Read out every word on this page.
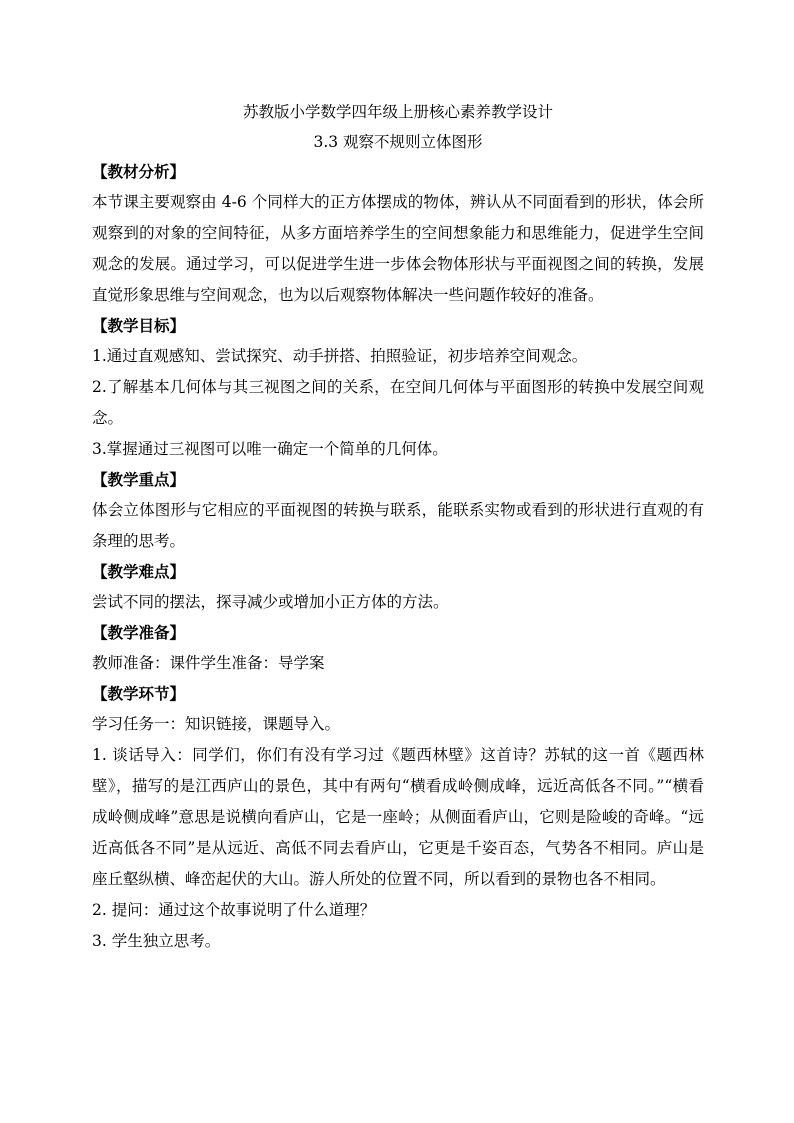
苏教版小学数学四年级上册核心素养教学设计

3.3 观察不规则立体图形

【教材分析】

本节课主要观察由 4-6 个同样大的正方体摆成的物体，辨认从不同面看到的形状，体会所观察到的对象的空间特征，从多方面培养学生的空间想象能力和思维能力，促进学生空间观念的发展。通过学习，可以促进学生进一步体会物体形状与平面视图之间的转换，发展直觉形象思维与空间观念，也为以后观察物体解决一些问题作较好的准备。

【教学目标】

1.通过直观感知、尝试探究、动手拼搭、拍照验证，初步培养空间观念。

2.了解基本几何体与其三视图之间的关系，在空间几何体与平面图形的转换中发展空间观念。

3.掌握通过三视图可以唯一确定一个简单的几何体。

【教学重点】

体会立体图形与它相应的平面视图的转换与联系，能联系实物或看到的形状进行直观的有条理的思考。

【教学难点】

尝试不同的摆法，探寻减少或增加小正方体的方法。

【教学准备】

教师准备：课件学生准备：导学案

【教学环节】

学习任务一：知识链接，课题导入。

1. 谈话导入：同学们，你们有没有学习过《题西林壁》这首诗？苏轼的这一首《题西林壁》，描写的是江西庐山的景色，其中有两句“横看成岭侧成峰，远近高低各不同。”“横看成岭侧成峰”意思是说横向看庐山，它是一座岭；从侧面看庐山，它则是险峻的奇峰。“远近高低各不同”是从远近、高低不同去看庐山，它更是千姿百态，气势各不相同。庐山是座丘壑纵横、峰峦起伏的大山。游人所处的位置不同，所以看到的景物也各不相同。

2. 提问：通过这个故事说明了什么道理？

3. 学生独立思考。
